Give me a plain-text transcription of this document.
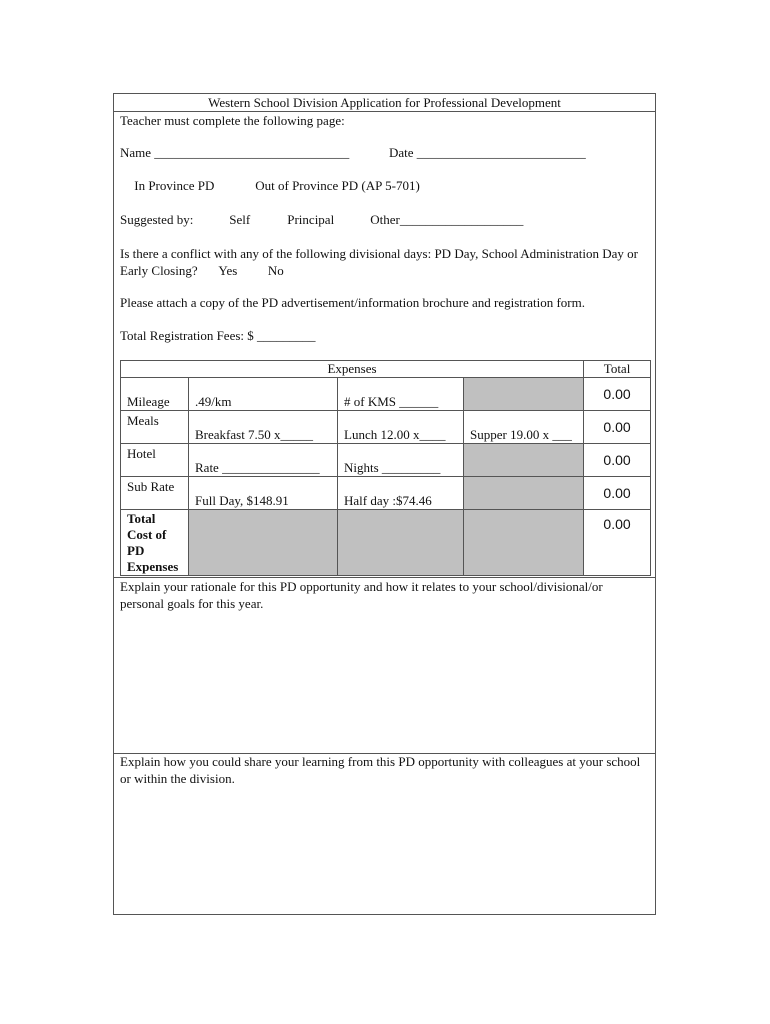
Western School Division Application for Professional Development
Teacher must complete the following page:
Name ______________________________	Date __________________________
In Province PD	Out of Province PD (AP 5-701)
Suggested by:	Self	Principal	Other___________________
Is there a conflict with any of the following divisional days: PD Day, School Administration Day or Early Closing? Yes No
Please attach a copy of the PD advertisement/information brochure and registration form.
Total Registration Fees: $ _________
Expenses				Total
Mileage	.49/km	# of KMS ______		0.00
Meals	Breakfast 7.50 x_____	Lunch 12.00 x____	Supper 19.00 x ___	0.00
Hotel	Rate _______________	Nights _________		0.00
Sub Rate	Full Day, $148.91	Half day :$74.46		0.00
Total Cost of PD Expenses				0.00
Explain your rationale for this PD opportunity and how it relates to your school/divisional/or personal goals for this year.
Explain how you could share your learning from this PD opportunity with colleagues at your school or within the division.
